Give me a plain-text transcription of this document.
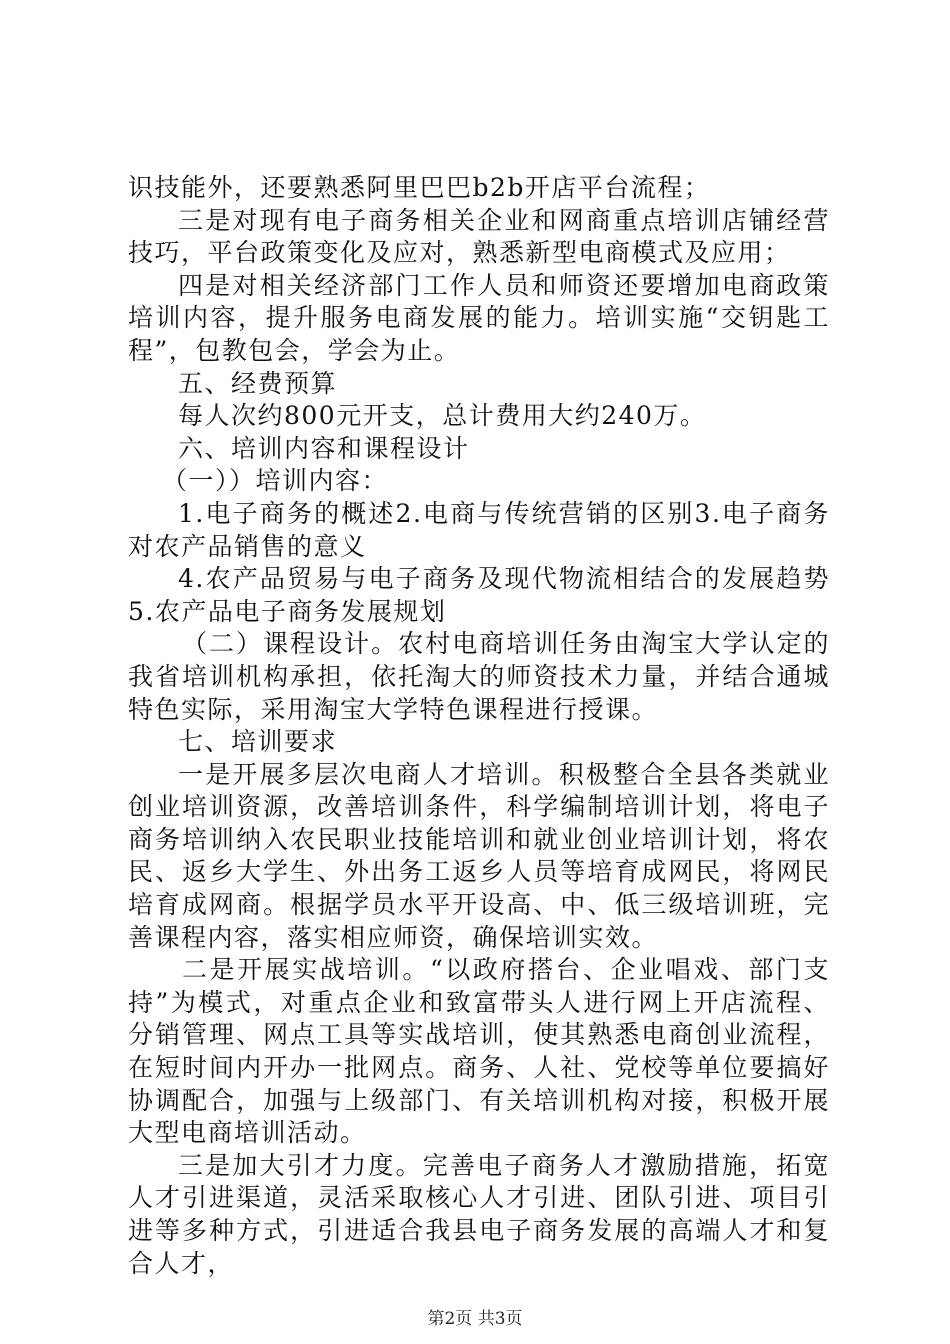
识技能外，还要熟悉阿里巴巴b2b开店平台流程；

三是对现有电子商务相关企业和网商重点培训店铺经营技巧，平台政策变化及应对，熟悉新型电商模式及应用；

四是对相关经济部门工作人员和师资还要增加电商政策培训内容，提升服务电商发展的能力。培训实施“交钥匙工程”，包教包会，学会为止。

五、经费预算

每人次约800元开支，总计费用大约240万。

六、培训内容和课程设计

（一））培训内容：

1.电子商务的概述2.电商与传统营销的区别3.电子商务对农产品销售的意义

4.农产品贸易与电子商务及现代物流相结合的发展趋势5.农产品电子商务发展规划

（二）课程设计。农村电商培训任务由淘宝大学认定的我省培训机构承担，依托淘大的师资技术力量，并结合通城特色实际，采用淘宝大学特色课程进行授课。

七、培训要求

一是开展多层次电商人才培训。积极整合全县各类就业创业培训资源，改善培训条件，科学编制培训计划，将电子商务培训纳入农民职业技能培训和就业创业培训计划，将农民、返乡大学生、外出务工返乡人员等培育成网民，将网民培育成网商。根据学员水平开设高、中、低三级培训班，完善课程内容，落实相应师资，确保培训实效。

二是开展实战培训。“以政府搭台、企业唱戏、部门支持”为模式，对重点企业和致富带头人进行网上开店流程、分销管理、网点工具等实战培训，使其熟悉电商创业流程，在短时间内开办一批网点。商务、人社、党校等单位要搞好协调配合，加强与上级部门、有关培训机构对接，积极开展大型电商培训活动。

三是加大引才力度。完善电子商务人才激励措施，拓宽人才引进渠道，灵活采取核心人才引进、团队引进、项目引进等多种方式，引进适合我县电子商务发展的高端人才和复合人才，

第2页 共3页
